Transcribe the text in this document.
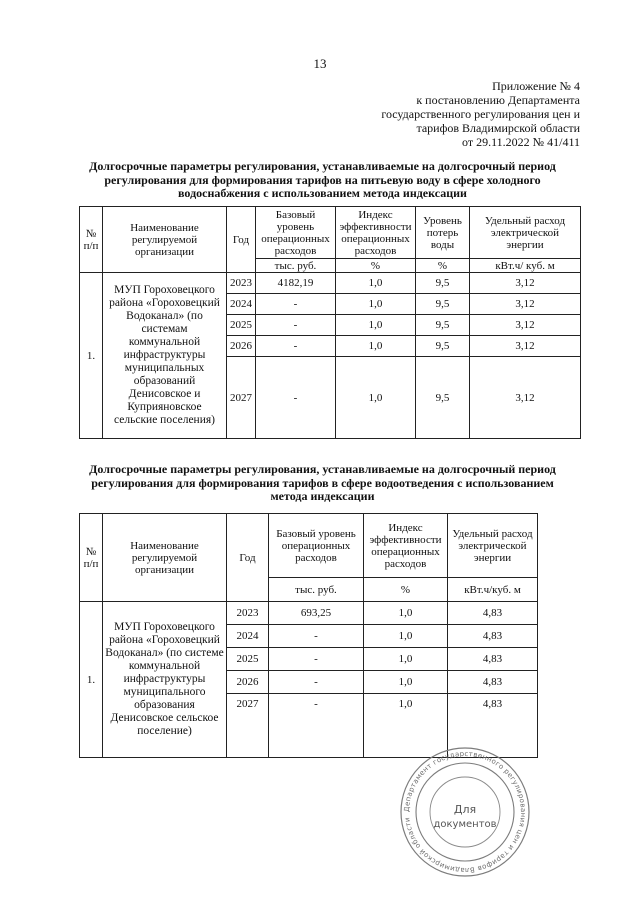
13
Приложение № 4
к постановлению Департамента
государственного регулирования цен и
тарифов Владимирской области
от 29.11.2022 № 41/411
Долгосрочные параметры регулирования, устанавливаемые на долгосрочный период
регулирования для формирования тарифов на питьевую воду в сфере холодного
водоснабжения с использованием метода индексации
№ п/п	Наименование регулируемой организации	Год	Базовый уровень операционных расходов	Индекс эффективности операционных расходов	Уровень потерь воды	Удельный расход электрической энергии
			тыс. руб.	%	%	кВт.ч/ куб. м
1.	МУП Гороховецкого района «Гороховецкий Водоканал» (по системам коммунальной инфраструктуры муниципальных образований Денисовское и Куприяновское сельские поселения)	2023	4182,19	1,0	9,5	3,12
		2024	-	1,0	9,5	3,12
		2025	-	1,0	9,5	3,12
		2026	-	1,0	9,5	3,12
		2027	-	1,0	9,5	3,12
Долгосрочные параметры регулирования, устанавливаемые на долгосрочный период
регулирования для формирования тарифов в сфере водоотведения с использованием
метода индексации
№ п/п	Наименование регулируемой организации	Год	Базовый уровень операционных расходов	Индекс эффективности операционных расходов	Удельный расход электрической энергии
			тыс. руб.	%	кВт.ч/куб. м
1.	МУП Гороховецкого района «Гороховецкий Водоканал» (по системе коммунальной инфраструктуры муниципального образования Денисовское сельское поселение)	2023	693,25	1,0	4,83
		2024	-	1,0	4,83
		2025	-	1,0	4,83
		2026	-	1,0	4,83
		2027	-	1,0	4,83
Департамент государственного регулирования цен и тарифов Владимирской области
Для
документов
